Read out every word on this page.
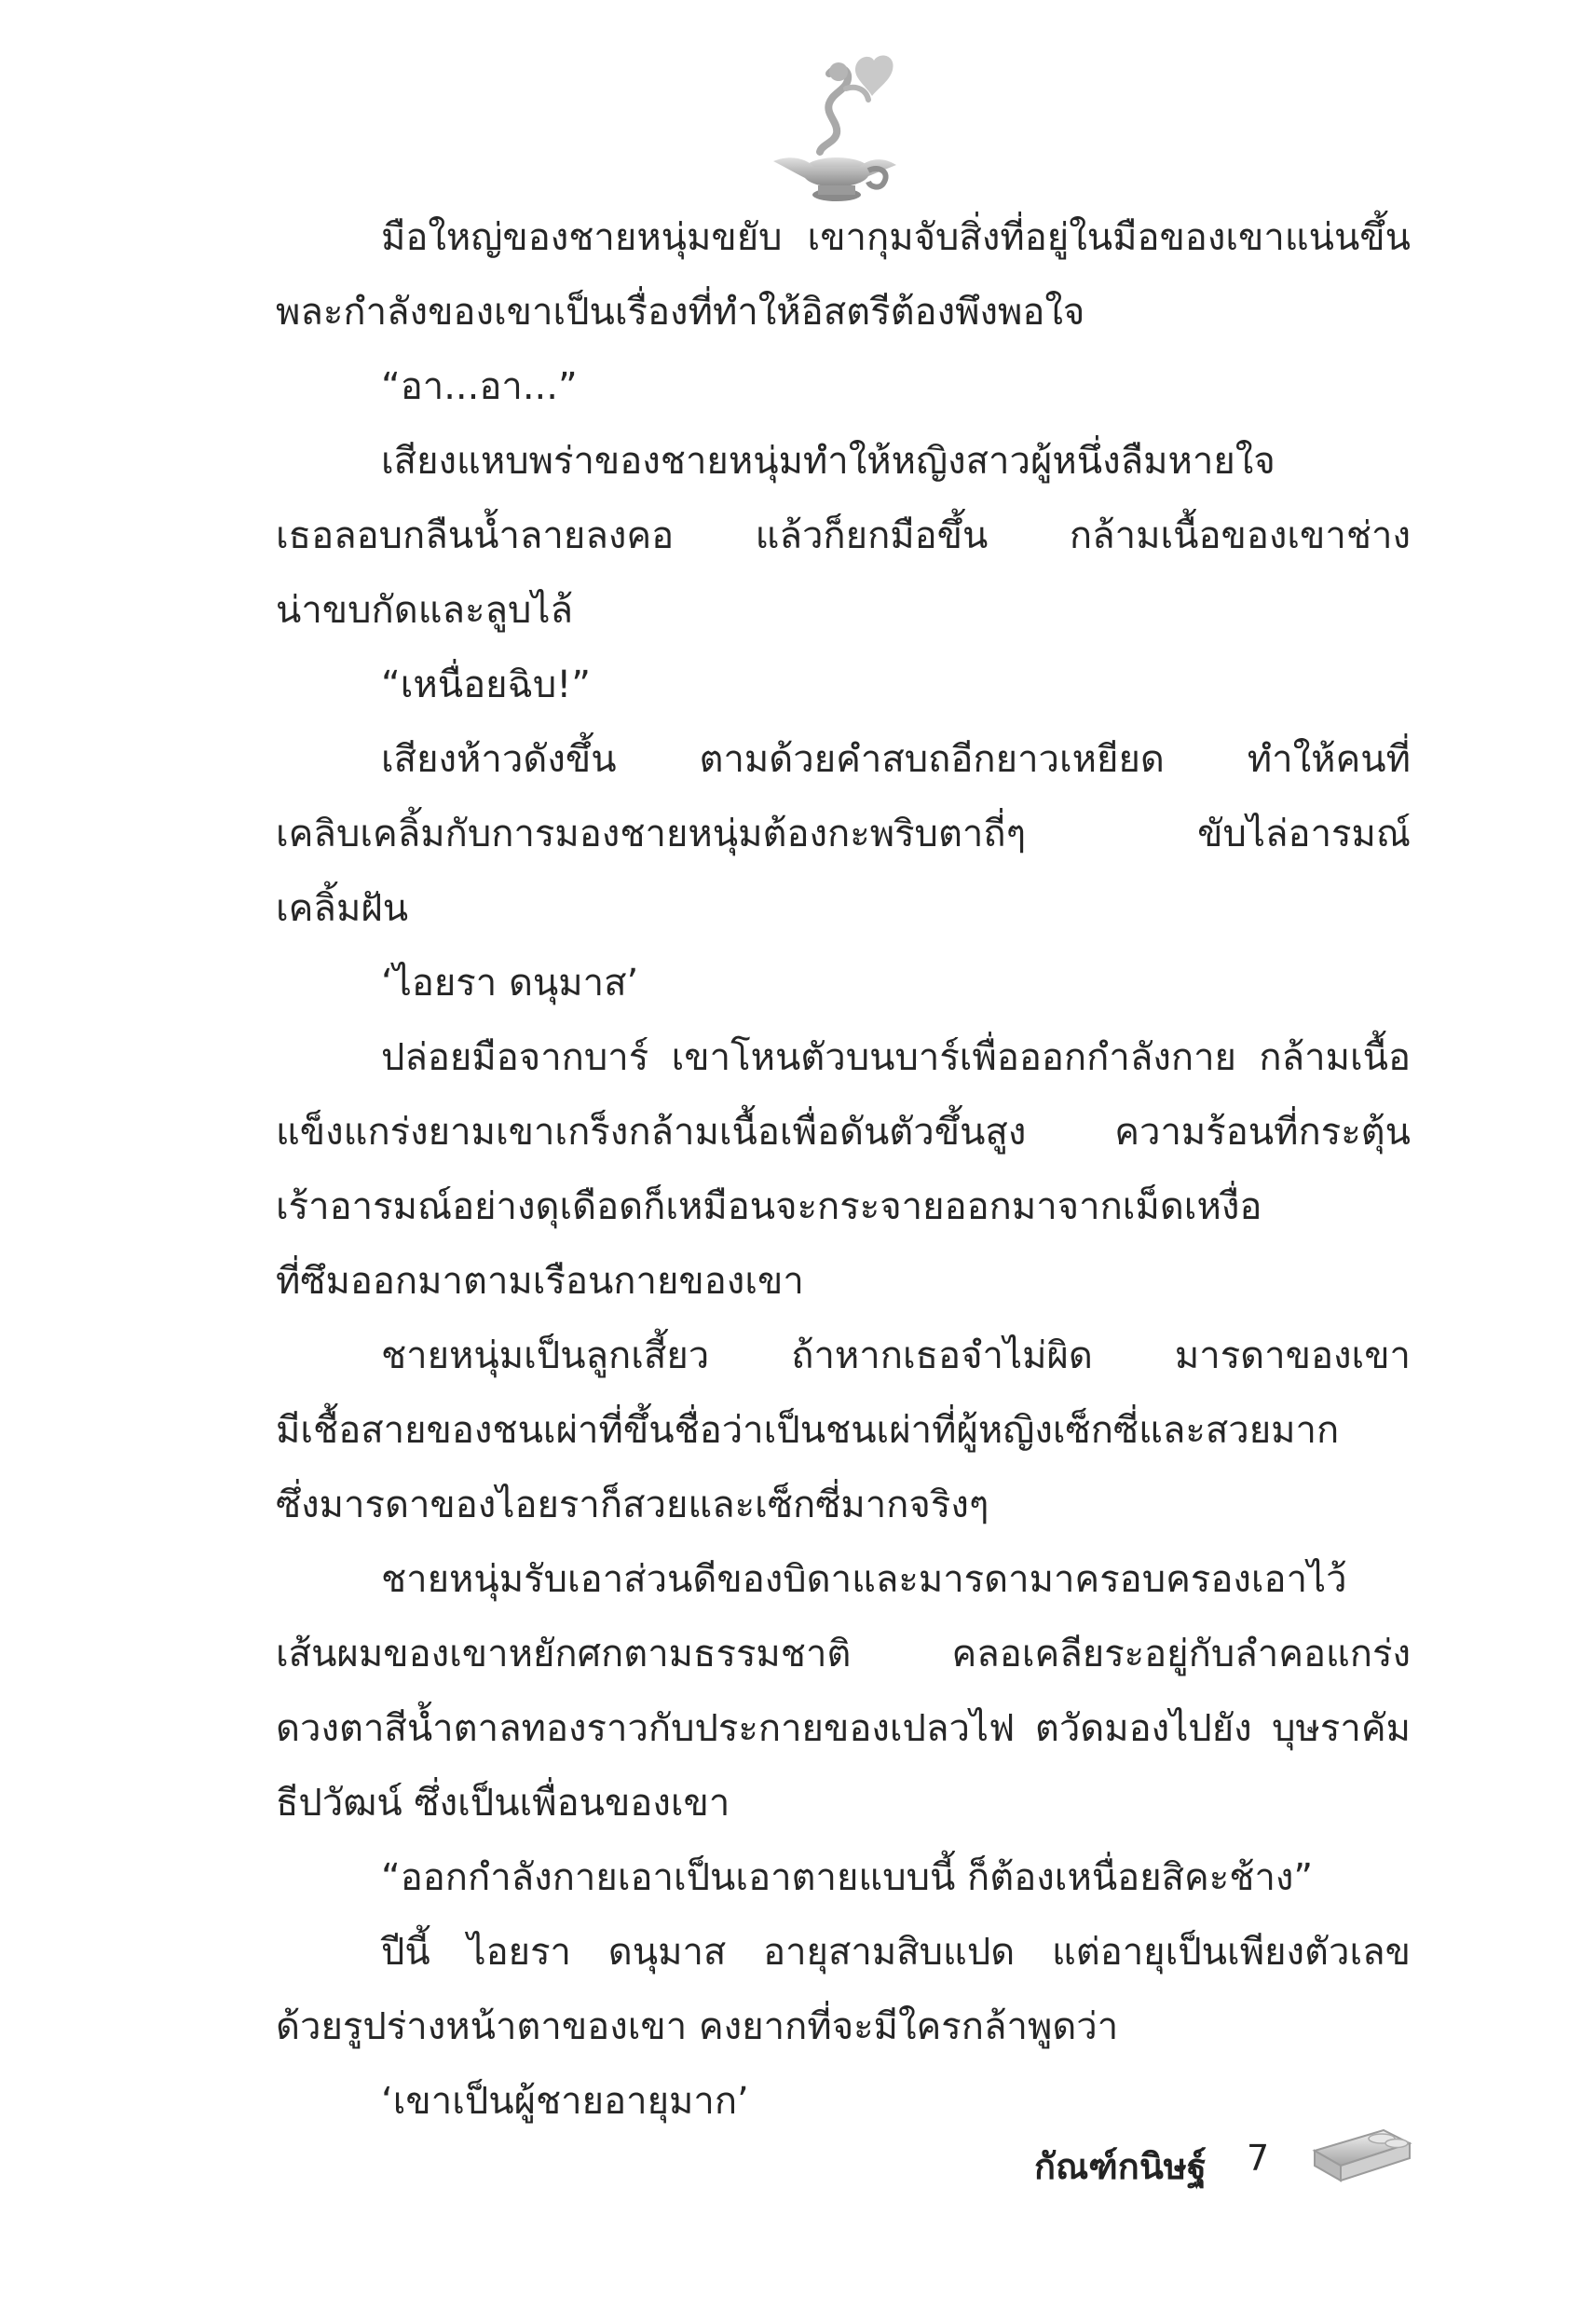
มือใหญ่ของชายหนุ่มขยับ เขากุมจับสิ่งที่อยู่ในมือของเขาแน่นขึ้น
พละกำลังของเขาเป็นเรื่องที่ทำให้อิสตรีต้องพึงพอใจ
“อา...อา...”
เสียงแหบพร่าของชายหนุ่มทำให้หญิงสาวผู้หนึ่งลืมหายใจ
เธอลอบกลืนน้ำลายลงคอ แล้วก็ยกมือขึ้น กล้ามเนื้อของเขาช่าง
น่าขบกัดและลูบไล้
“เหนื่อยฉิบ!”
เสียงห้าวดังขึ้น ตามด้วยคำสบถอีกยาวเหยียด ทำให้คนที่
เคลิบเคลิ้มกับการมองชายหนุ่มต้องกะพริบตาถี่ๆ ขับไล่อารมณ์
เคลิ้มฝัน
‘ไอยรา ดนุมาส’
ปล่อยมือจากบาร์ เขาโหนตัวบนบาร์เพื่อออกกำลังกาย กล้ามเนื้อ
แข็งแกร่งยามเขาเกร็งกล้ามเนื้อเพื่อดันตัวขึ้นสูง ความร้อนที่กระตุ้น
เร้าอารมณ์อย่างดุเดือดก็เหมือนจะกระจายออกมาจากเม็ดเหงื่อ
ที่ซึมออกมาตามเรือนกายของเขา
ชายหนุ่มเป็นลูกเสี้ยว ถ้าหากเธอจำไม่ผิด มารดาของเขา
มีเชื้อสายของชนเผ่าที่ขึ้นชื่อว่าเป็นชนเผ่าที่ผู้หญิงเซ็กซี่และสวยมาก
ซึ่งมารดาของไอยราก็สวยและเซ็กซี่มากจริงๆ
ชายหนุ่มรับเอาส่วนดีของบิดาและมารดามาครอบครองเอาไว้
เส้นผมของเขาหยักศกตามธรรมชาติ คลอเคลียระอยู่กับลำคอแกร่ง
ดวงตาสีน้ำตาลทองราวกับประกายของเปลวไฟ ตวัดมองไปยัง บุษราคัม
ธีปวัฒน์ ซึ่งเป็นเพื่อนของเขา
“ออกกำลังกายเอาเป็นเอาตายแบบนี้ ก็ต้องเหนื่อยสิคะช้าง”
ปีนี้ ไอยรา ดนุมาส อายุสามสิบแปด แต่อายุเป็นเพียงตัวเลข
ด้วยรูปร่างหน้าตาของเขา คงยากที่จะมีใครกล้าพูดว่า
‘เขาเป็นผู้ชายอายุมาก’
กัณฑ์กนิษฐ์ 7
